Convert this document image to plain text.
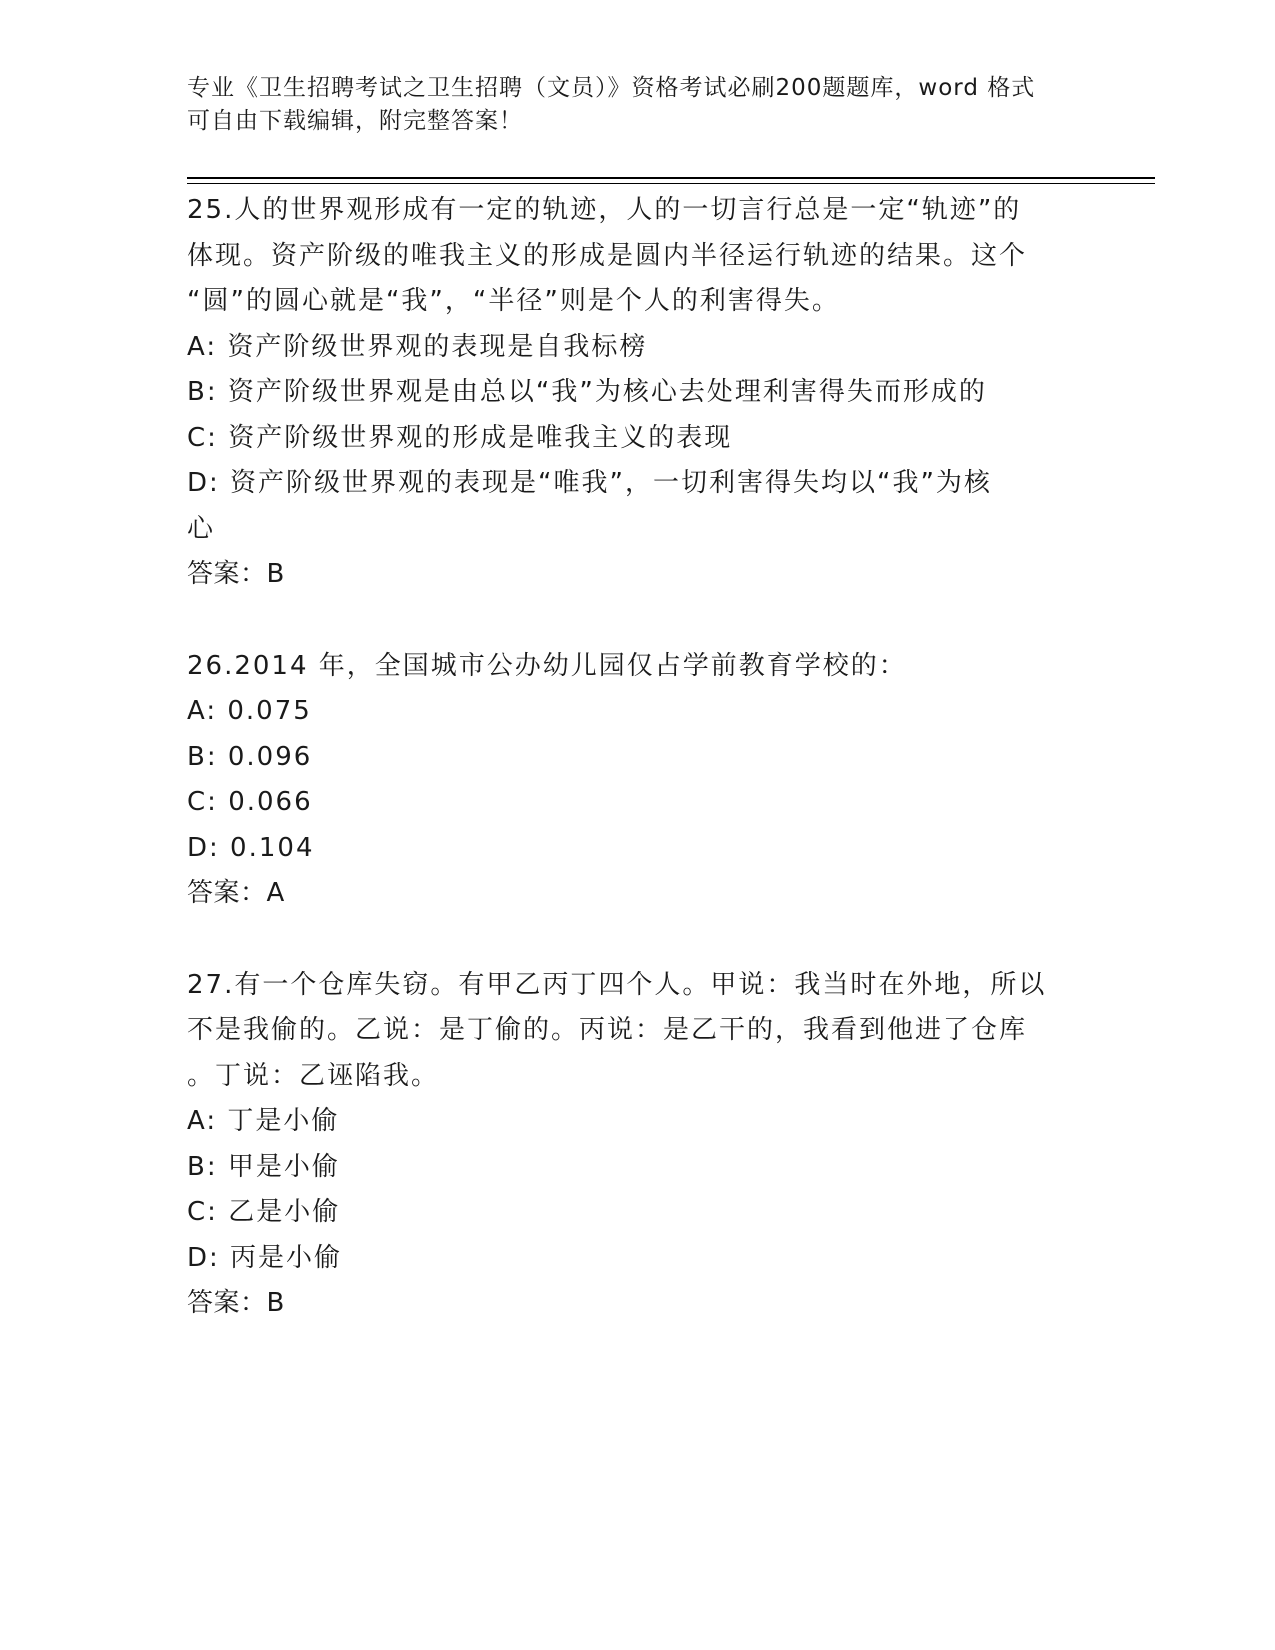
专业《卫生招聘考试之卫生招聘（文员）》资格考试必刷200题题库，word 格式
可自由下载编辑，附完整答案！
25.人的世界观形成有一定的轨迹，人的一切言行总是一定“轨迹”的
体现。资产阶级的唯我主义的形成是圆内半径运行轨迹的结果。这个
“圆”的圆心就是“我”，“半径”则是个人的利害得失。
A: 资产阶级世界观的表现是自我标榜
B: 资产阶级世界观是由总以“我”为核心去处理利害得失而形成的
C: 资产阶级世界观的形成是唯我主义的表现
D: 资产阶级世界观的表现是“唯我”，一切利害得失均以“我”为核
心
答案：B
26.2014 年，全国城市公办幼儿园仅占学前教育学校的：
A: 0.075
B: 0.096
C: 0.066
D: 0.104
答案：A
27.有一个仓库失窃。有甲乙丙丁四个人。甲说：我当时在外地，所以
不是我偷的。乙说：是丁偷的。丙说：是乙干的，我看到他进了仓库
。丁说：乙诬陷我。
A: 丁是小偷
B: 甲是小偷
C: 乙是小偷
D: 丙是小偷
答案：B
